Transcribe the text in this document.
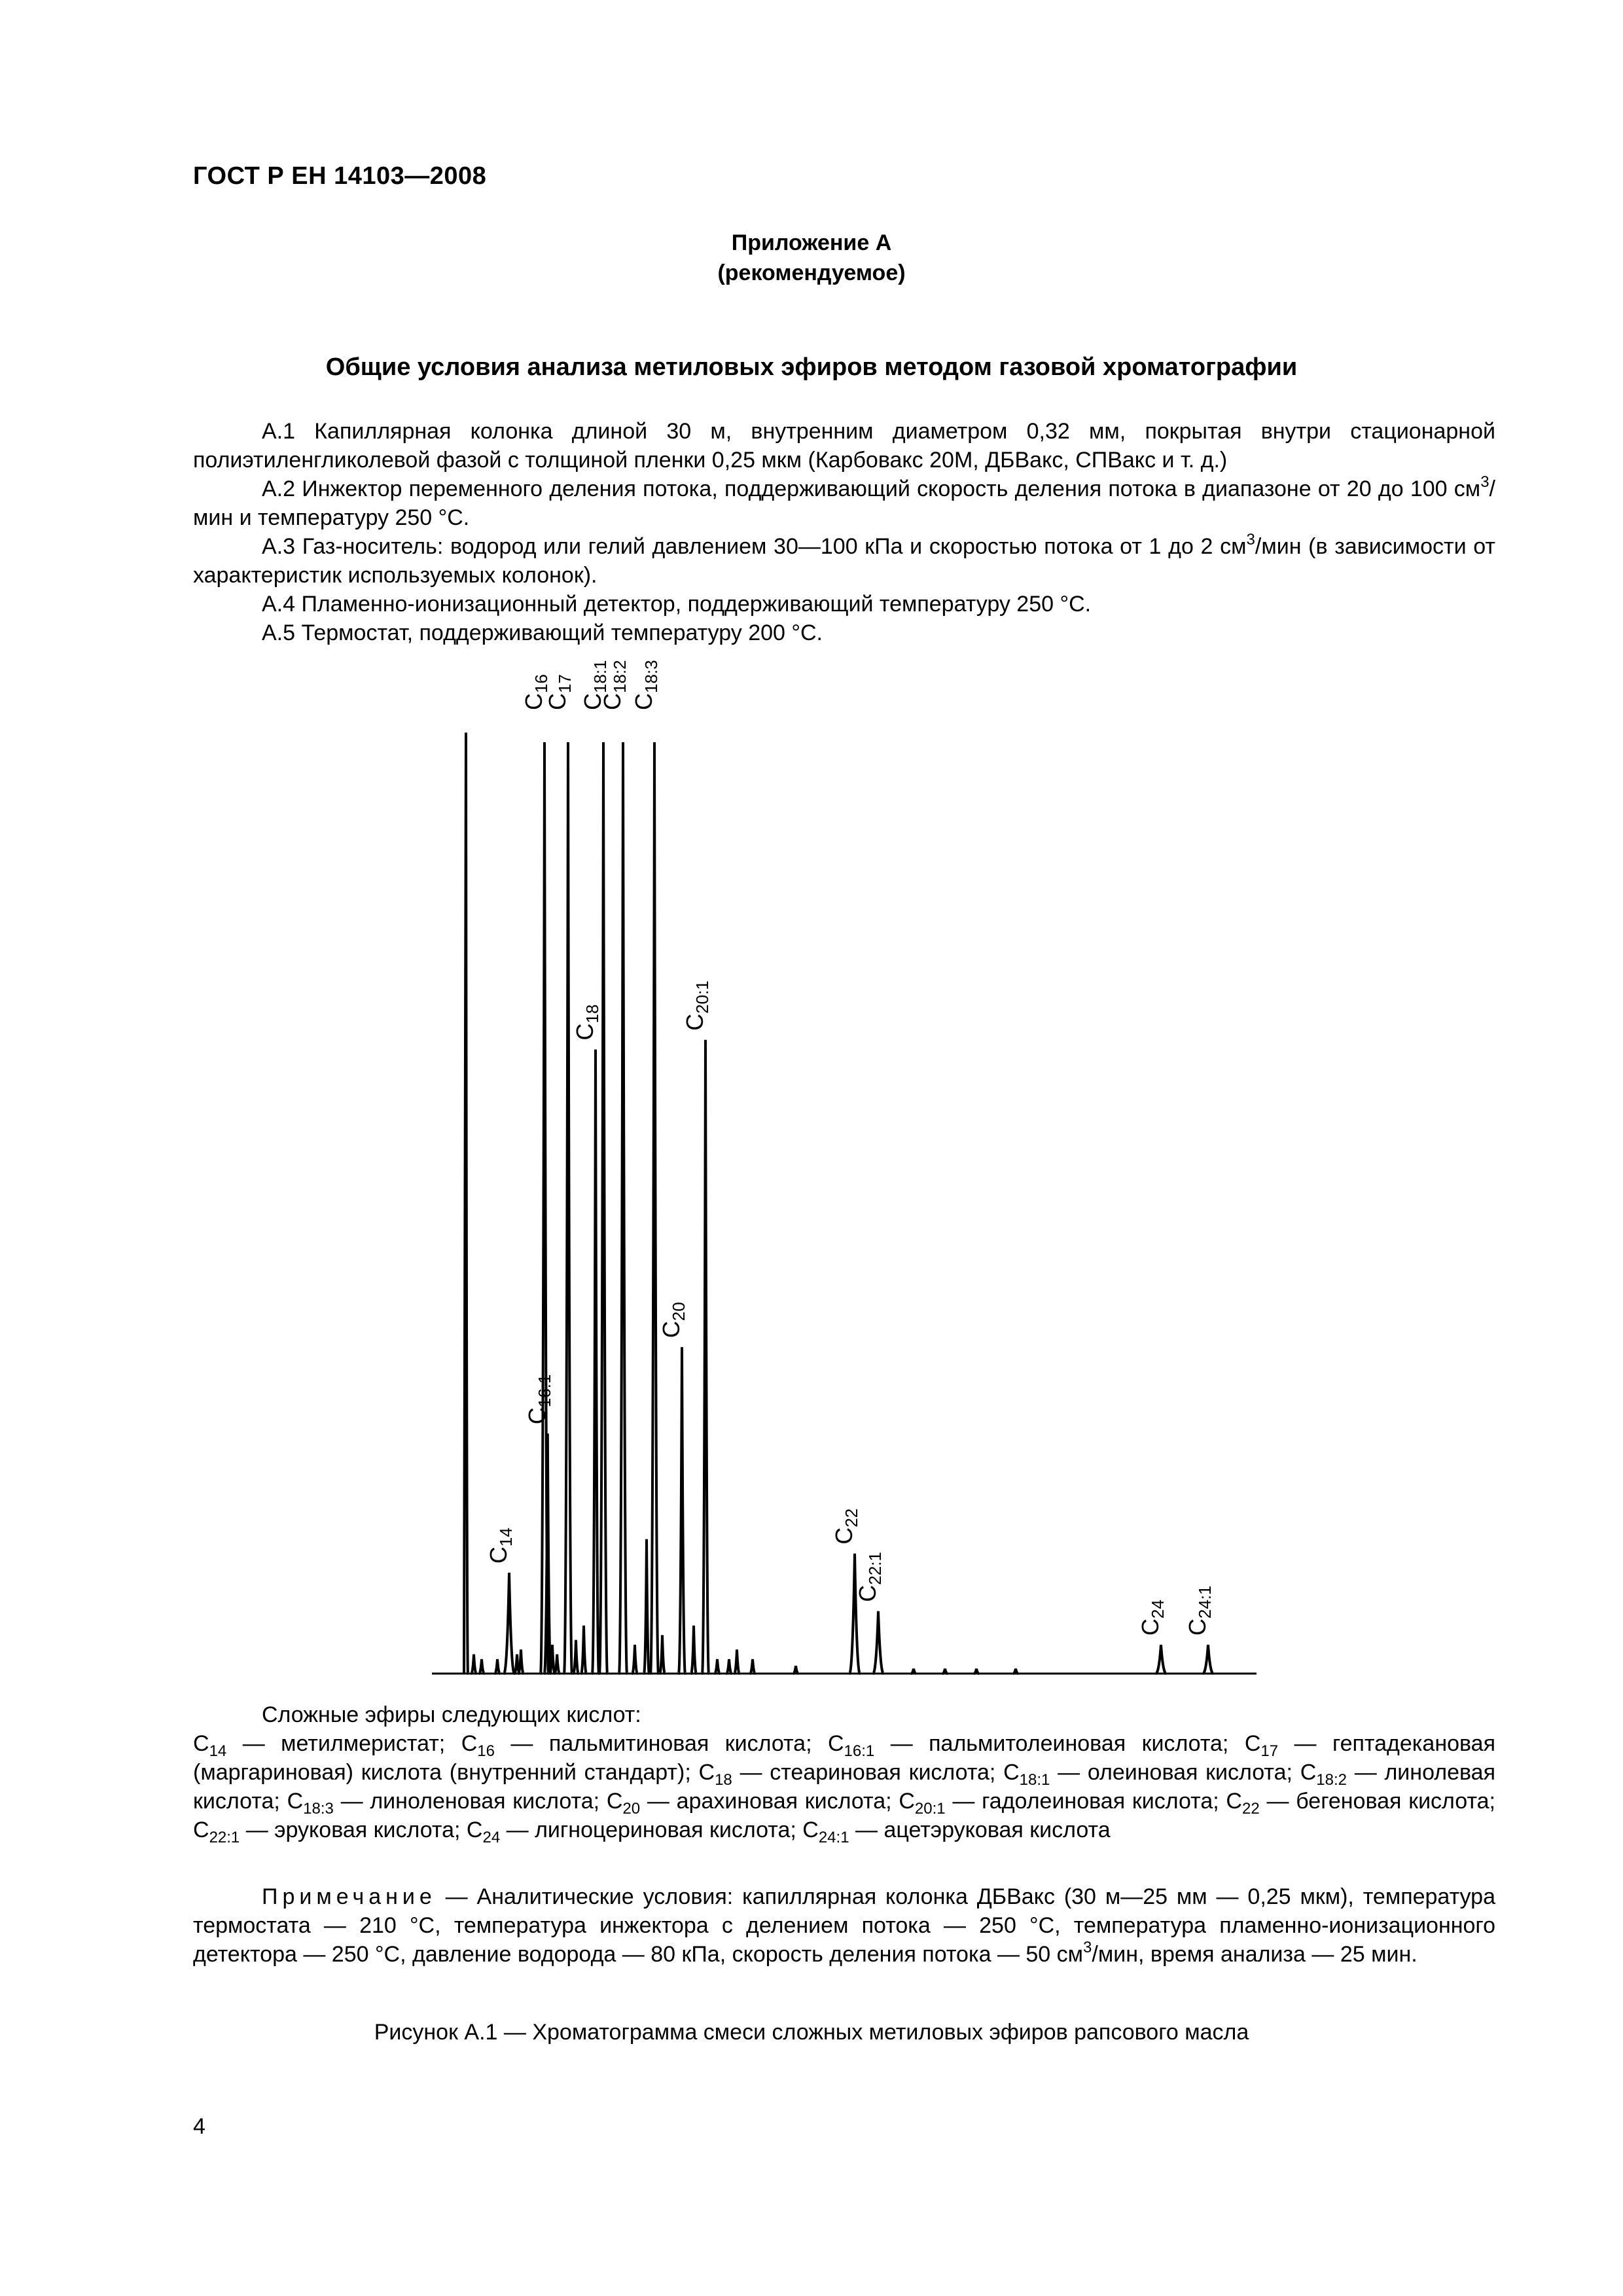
ГОСТ Р ЕН 14103—2008
Приложение А
(рекомендуемое)
Общие условия анализа метиловых эфиров методом газовой хроматографии
А.1 Капиллярная колонка длиной 30 м, внутренним диаметром 0,32 мм, покрытая внутри стационарной полиэтиленгликолевой фазой с толщиной пленки 0,25 мкм (Карбовакс 20М, ДБВакс, СПВакс и т. д.)
А.2 Инжектор переменного деления потока, поддерживающий скорость деления потока в диапазоне от 20 до 100 $см^3$/мин и температуру 250 °С.
А.3 Газ-носитель: водород или гелий давлением 30—100 кПа и скоростью потока от 1 до 2 $см^3$/мин (в зависимости от характеристик используемых колонок).
А.4 Пламенно-ионизационный детектор, поддерживающий температуру 250 °С.
А.5 Термостат, поддерживающий температуру 200 °С.
$C_{14}$
$C_{16}$
$C_{16:1}$
$C_{17}$
$C_{18}$
$C_{18:1}$
$C_{18:2}$
$C_{18:3}$
$C_{20}$
$C_{20:1}$
$C_{22}$
$C_{22:1}$
$C_{24}$
$C_{24:1}$
Сложные эфиры следующих кислот:
$C_{14}$ — метилмеристат; $C_{16}$ — пальмитиновая кислота; $C_{16:1}$ — пальмитолеиновая кислота; $C_{17}$ — гептадекановая (маргариновая) кислота (внутренний стандарт); $C_{18}$ — стеариновая кислота; $C_{18:1}$ — олеиновая кислота; $C_{18:2}$ — линолевая кислота; $C_{18:3}$ — линоленовая кислота; $C_{20}$ — арахиновая кислота; $C_{20:1}$ — гадолеиновая кислота; $C_{22}$ — бегеновая кислота; $C_{22:1}$ — эруковая кислота; $C_{24}$ — лигноцериновая кислота; $C_{24:1}$ — ацетэруковая кислота
Примечание — Аналитические условия: капиллярная колонка ДБВакс (30 м—25 мм — 0,25 мкм), температура термостата — 210 °С, температура инжектора с делением потока — 250 °С, температура пламенно-ионизационного детектора — 250 °С, давление водорода — 80 кПа, скорость деления потока — 50 $см^3$/мин, время анализа — 25 мин.
Рисунок А.1 — Хроматограмма смеси сложных метиловых эфиров рапсового масла
4
